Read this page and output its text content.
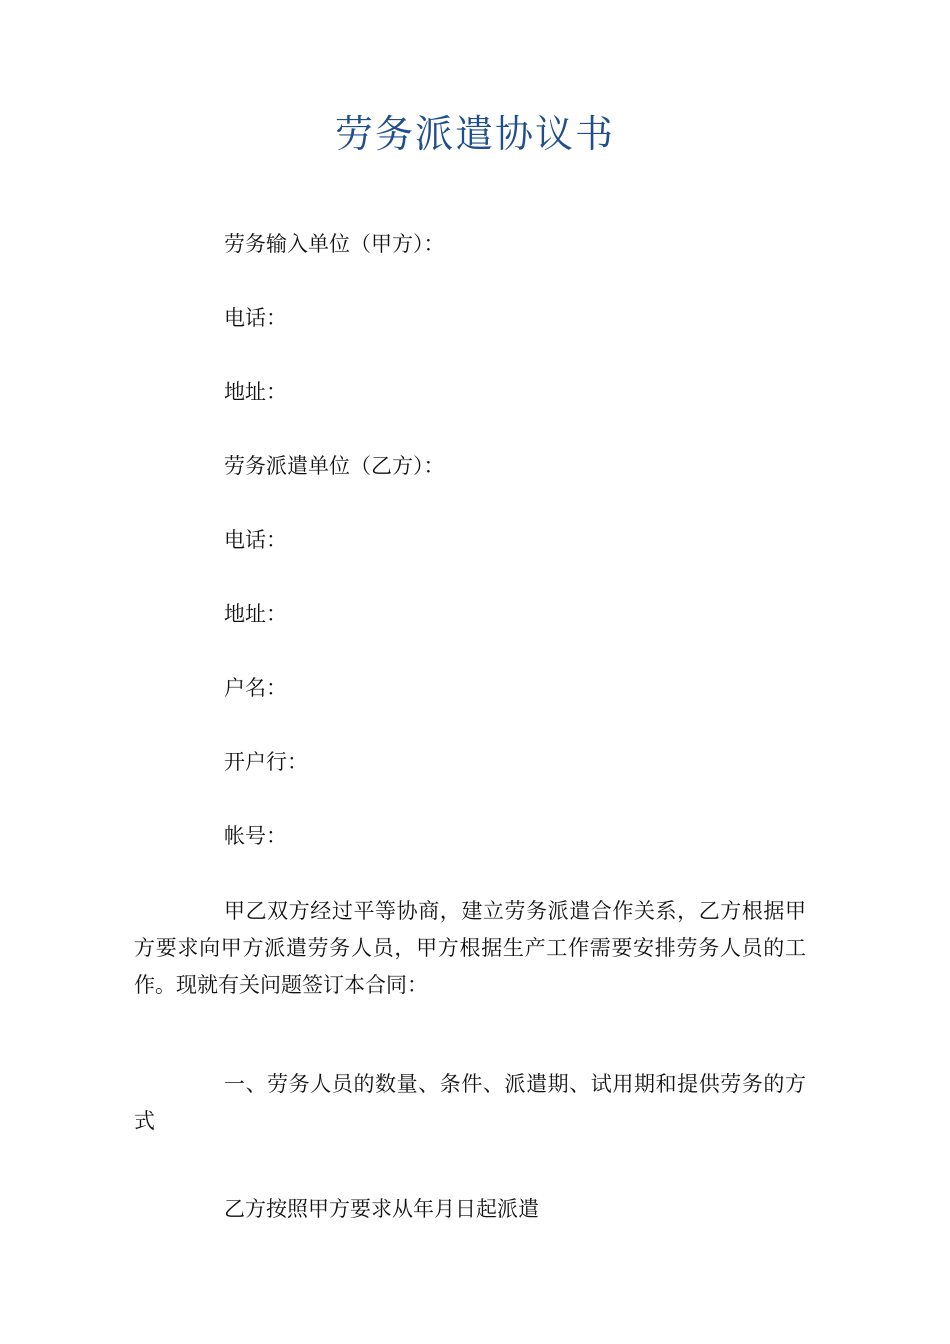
劳务派遣协议书

劳务输入单位（甲方）：

电话：

地址：

劳务派遣单位（乙方）：

电话：

地址：

户名：

开户行：

帐号：

甲乙双方经过平等协商，建立劳务派遣合作关系，乙方根据甲方要求向甲方派遣劳务人员，甲方根据生产工作需要安排劳务人员的工作。现就有关问题签订本合同：

一、劳务人员的数量、条件、派遣期、试用期和提供劳务的方式

乙方按照甲方要求从年月日起派遣
